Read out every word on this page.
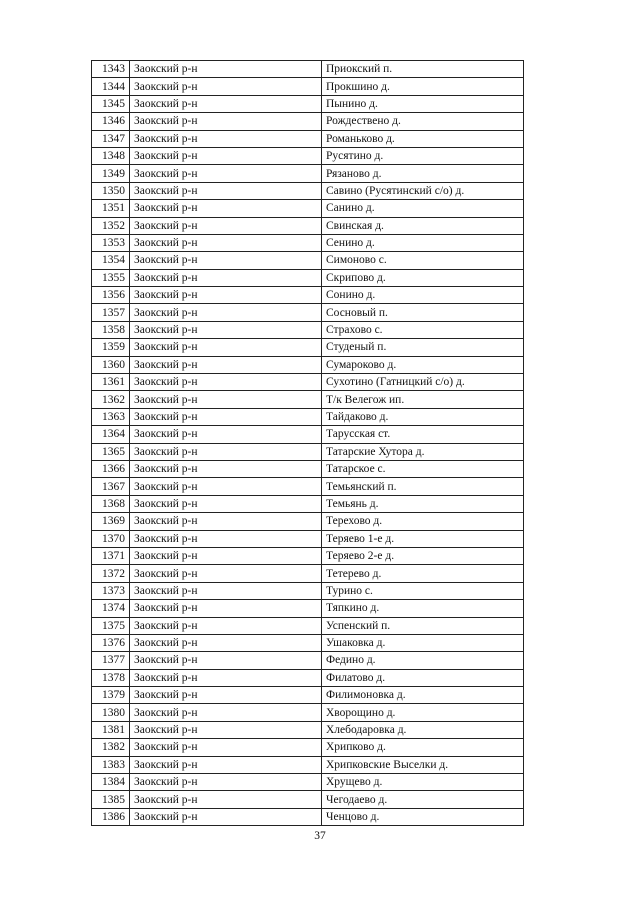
1343	Заокский р-н	Приокский п.
1344	Заокский р-н	Прокшино д.
1345	Заокский р-н	Пынино д.
1346	Заокский р-н	Рождествено д.
1347	Заокский р-н	Романьково д.
1348	Заокский р-н	Русятино д.
1349	Заокский р-н	Рязаново д.
1350	Заокский р-н	Савино (Русятинский с/о) д.
1351	Заокский р-н	Санино д.
1352	Заокский р-н	Свинская д.
1353	Заокский р-н	Сенино д.
1354	Заокский р-н	Симоново с.
1355	Заокский р-н	Скрипово д.
1356	Заокский р-н	Сонино д.
1357	Заокский р-н	Сосновый п.
1358	Заокский р-н	Страхово с.
1359	Заокский р-н	Студеный п.
1360	Заокский р-н	Сумароково д.
1361	Заокский р-н	Сухотино (Гатницкий с/о) д.
1362	Заокский р-н	Т/к Велегож ип.
1363	Заокский р-н	Тайдаково д.
1364	Заокский р-н	Тарусская ст.
1365	Заокский р-н	Татарские Хутора д.
1366	Заокский р-н	Татарское с.
1367	Заокский р-н	Темьянский п.
1368	Заокский р-н	Темьянь д.
1369	Заокский р-н	Терехово д.
1370	Заокский р-н	Теряево 1-е д.
1371	Заокский р-н	Теряево 2-е д.
1372	Заокский р-н	Тетерево д.
1373	Заокский р-н	Турино с.
1374	Заокский р-н	Тяпкино д.
1375	Заокский р-н	Успенский п.
1376	Заокский р-н	Ушаковка д.
1377	Заокский р-н	Федино д.
1378	Заокский р-н	Филатово д.
1379	Заокский р-н	Филимоновка д.
1380	Заокский р-н	Хворощино д.
1381	Заокский р-н	Хлебодаровка д.
1382	Заокский р-н	Хрипково д.
1383	Заокский р-н	Хрипковские Выселки д.
1384	Заокский р-н	Хрущево д.
1385	Заокский р-н	Чегодаево д.
1386	Заокский р-н	Ченцово д.
37
